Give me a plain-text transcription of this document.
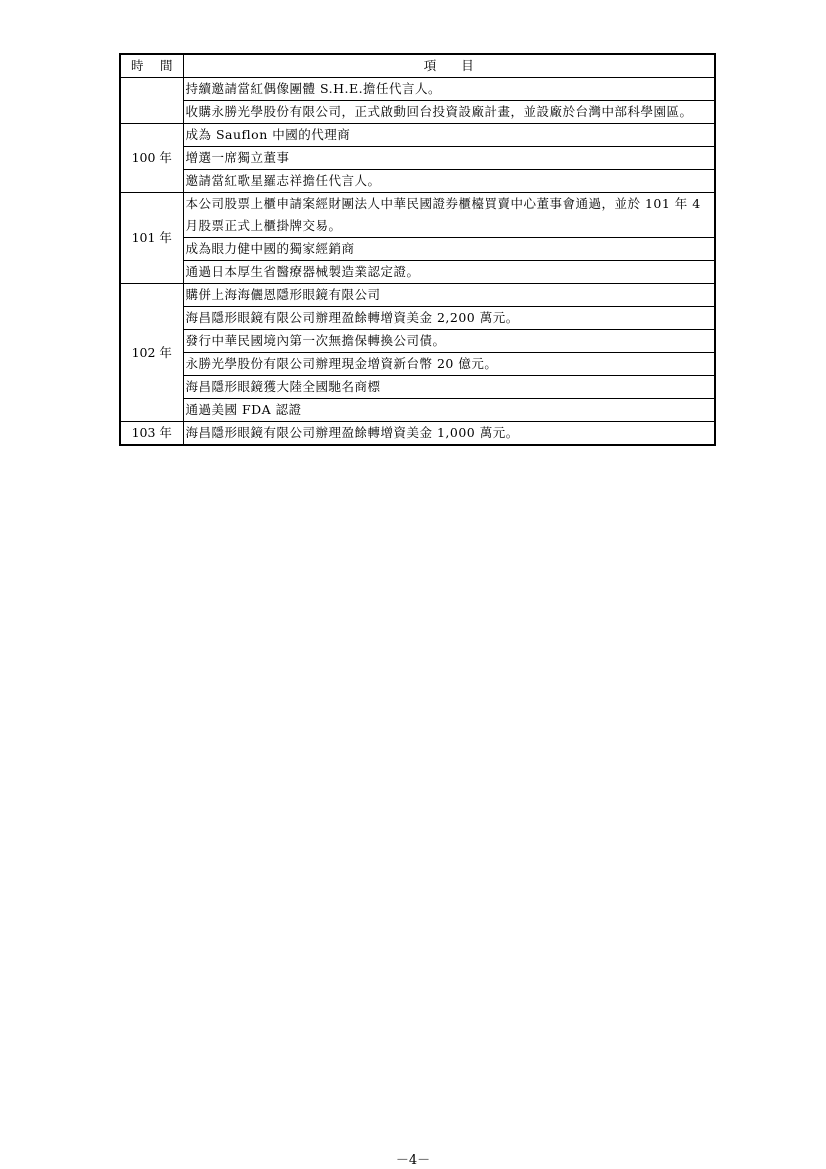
時　 間	項　　目
	持續邀請當紅偶像團體 S.H.E.擔任代言人。
	收購永勝光學股份有限公司，正式啟動回台投資設廠計畫，並設廠於台灣中部科學園區。
100 年	成為 Sauflon 中國的代理商
	增選一席獨立董事
	邀請當紅歌星羅志祥擔任代言人。
101 年	本公司股票上櫃申請案經財團法人中華民國證券櫃檯買賣中心董事會通過，並於 101 年 4 月股票正式上櫃掛牌交易。
	成為眼力健中國的獨家經銷商
	通過日本厚生省醫療器械製造業認定證。
102 年	購併上海海儷恩隱形眼鏡有限公司
	海昌隱形眼鏡有限公司辦理盈餘轉增資美金 2,200 萬元。
	發行中華民國境內第一次無擔保轉換公司債。
	永勝光學股份有限公司辦理現金增資新台幣 20 億元。
	海昌隱形眼鏡獲大陸全國馳名商標
	通過美國 FDA 認證
103 年	海昌隱形眼鏡有限公司辦理盈餘轉增資美金 1,000 萬元。
－4－
